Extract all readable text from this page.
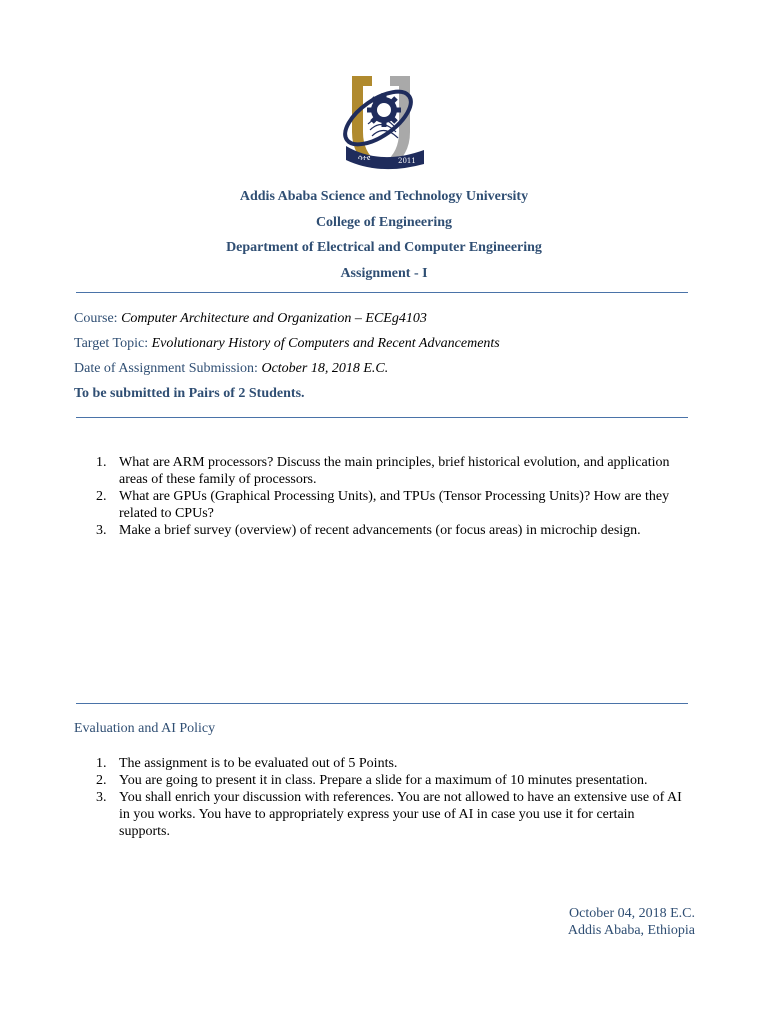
ሳተዩ	2011

Addis Ababa Science and Technology University

College of Engineering

Department of Electrical and Computer Engineering

Assignment - I

Course: Computer Architecture and Organization – ECEg4103

Target Topic: Evolutionary History of Computers and Recent Advancements

Date of Assignment Submission: October 18, 2018 E.C.

To be submitted in Pairs of 2 Students.

1. What are ARM processors? Discuss the main principles, brief historical evolution, and application areas of these family of processors.
2. What are GPUs (Graphical Processing Units), and TPUs (Tensor Processing Units)? How are they related to CPUs?
3. Make a brief survey (overview) of recent advancements (or focus areas) in microchip design.

Evaluation and AI Policy

1. The assignment is to be evaluated out of 5 Points.
2. You are going to present it in class. Prepare a slide for a maximum of 10 minutes presentation.
3. You shall enrich your discussion with references. You are not allowed to have an extensive use of AI in you works. You have to appropriately express your use of AI in case you use it for certain supports.
October 04, 2018 E.C.
Addis Ababa, Ethiopia
